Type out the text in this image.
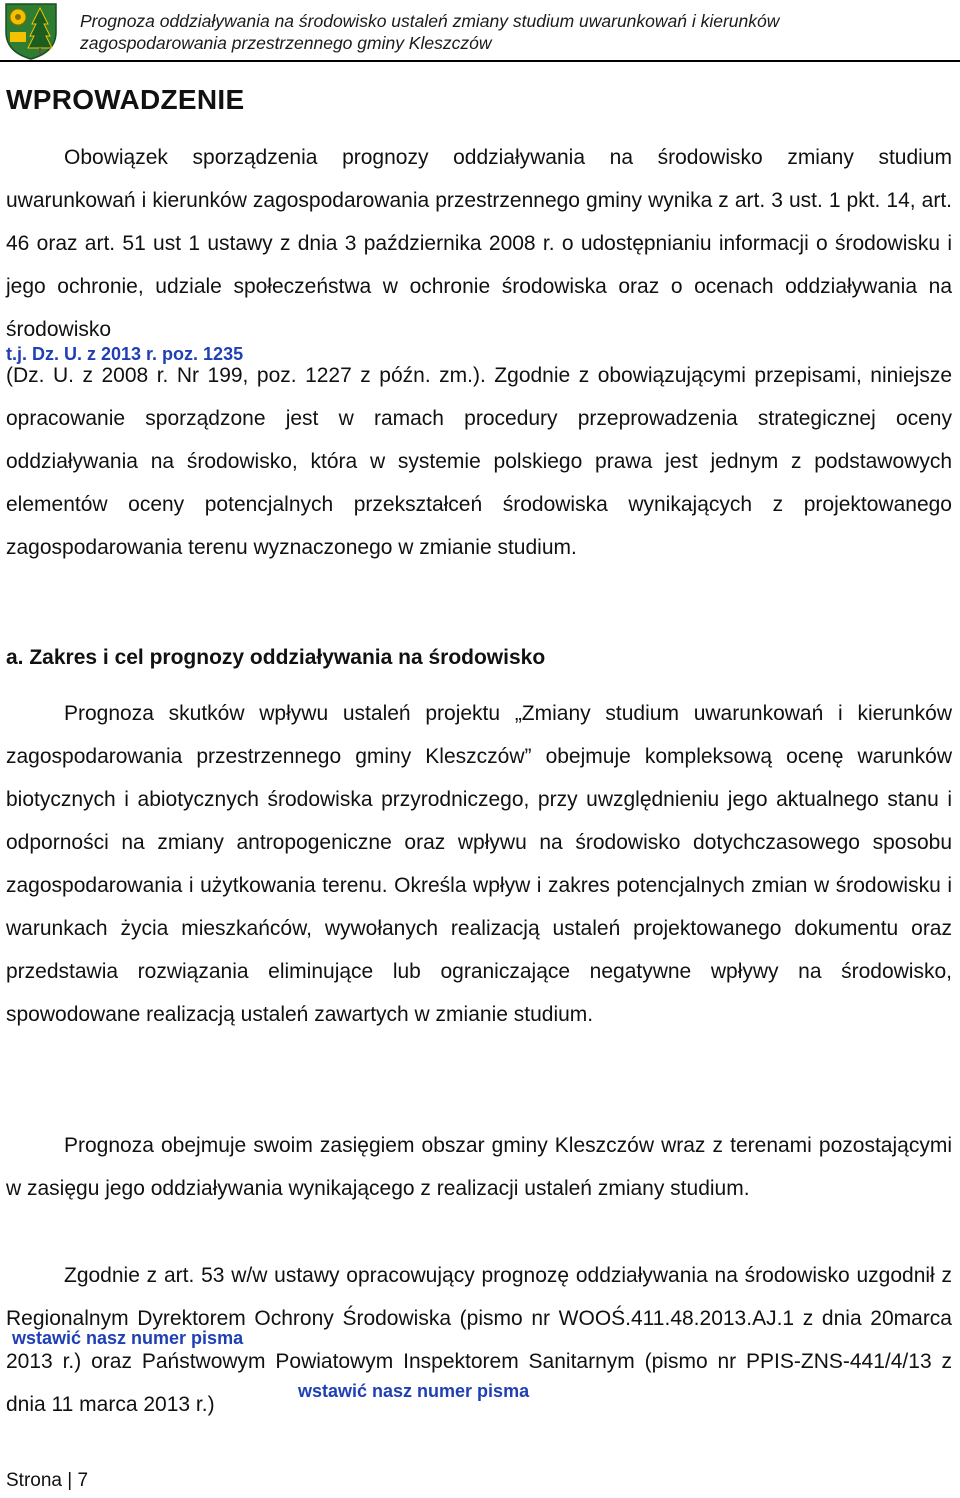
Prognoza oddziaływania na środowisko ustaleń zmiany studium uwarunkowań i kierunków
zagospodarowania przestrzennego gminy Kleszczów
WPROWADZENIE
Obowiązek sporządzenia prognozy oddziaływania na środowisko zmiany studium uwarunkowań i kierunków zagospodarowania przestrzennego gminy wynika z art. 3 ust. 1 pkt. 14, art. 46 oraz art. 51 ust 1 ustawy z dnia 3 października 2008 r. o udostępnianiu informacji o środowisku i jego ochronie, udziale społeczeństwa w ochronie środowiska oraz o ocenach oddziaływania na środowisko
t.j. Dz. U. z 2013 r. poz. 1235
(Dz. U. z 2008 r. Nr 199, poz. 1227 z późn. zm.). Zgodnie z obowiązującymi przepisami, niniejsze opracowanie sporządzone jest w ramach procedury przeprowadzenia strategicznej oceny oddziaływania na środowisko, która w systemie polskiego prawa jest jednym z podstawowych elementów oceny potencjalnych przekształceń środowiska wynikających z projektowanego zagospodarowania terenu wyznaczonego w zmianie studium.
a. Zakres i cel prognozy oddziaływania na środowisko
Prognoza skutków wpływu ustaleń projektu „Zmiany studium uwarunkowań i kierunków zagospodarowania przestrzennego gminy Kleszczów” obejmuje kompleksową ocenę warunków biotycznych i abiotycznych środowiska przyrodniczego, przy uwzględnieniu jego aktualnego stanu i odporności na zmiany antropogeniczne oraz wpływu na środowisko dotychczasowego sposobu zagospodarowania i użytkowania terenu. Określa wpływ i zakres potencjalnych zmian w środowisku i warunkach życia mieszkańców, wywołanych realizacją ustaleń projektowanego dokumentu oraz przedstawia rozwiązania eliminujące lub ograniczające negatywne wpływy na środowisko, spowodowane realizacją ustaleń zawartych w zmianie studium.
Prognoza obejmuje swoim zasięgiem obszar gminy Kleszczów wraz z terenami pozostającymi w zasięgu jego oddziaływania wynikającego z realizacji ustaleń zmiany studium.
wstawić nasz numer pisma
wstawić nasz numer pisma
Zgodnie z art. 53 w/w ustawy opracowujący prognozę oddziaływania na środowisko uzgodnił z Regionalnym Dyrektorem Ochrony Środowiska (pismo nr WOOŚ.411.48.2013.AJ.1 z dnia 20marca 2013 r.) oraz Państwowym Powiatowym Inspektorem Sanitarnym (pismo nr PPIS-ZNS-441/4/13 z dnia 11 marca 2013 r.)
Strona | 7
